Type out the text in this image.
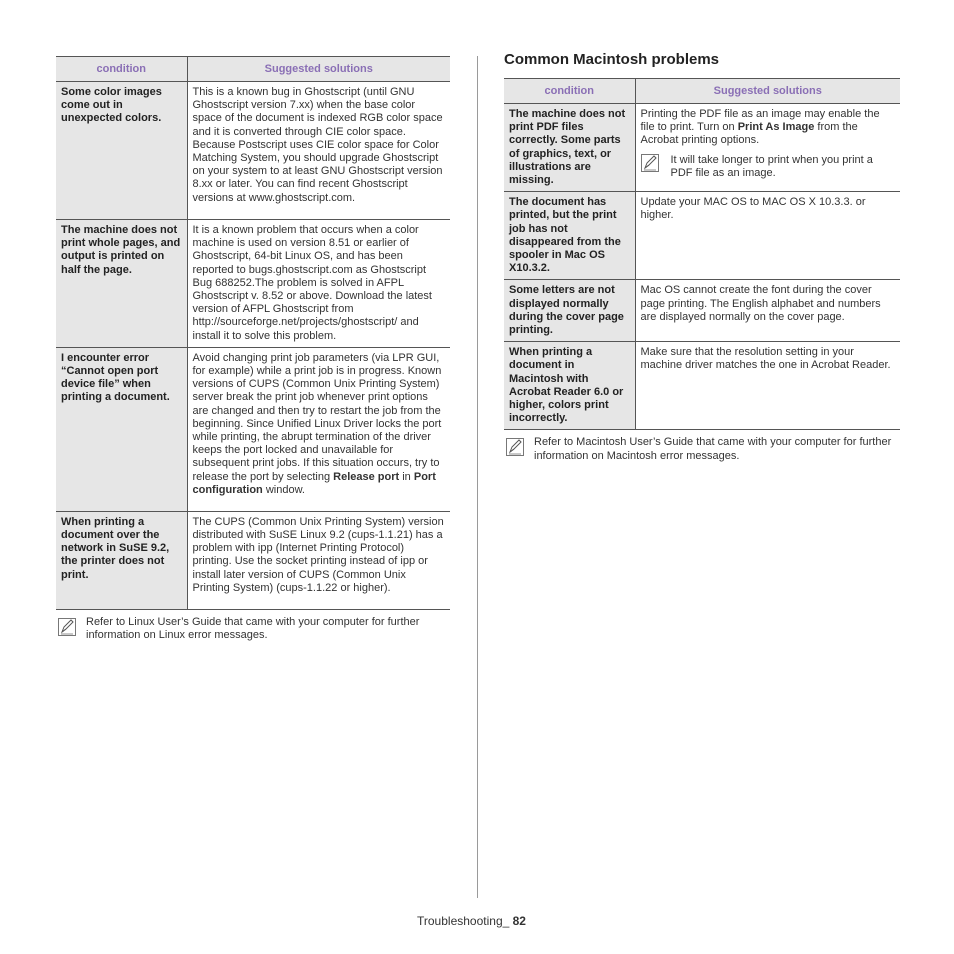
condition	Suggested solutions
Some color images come out in unexpected colors.	This is a known bug in Ghostscript (until GNU Ghostscript version 7.xx) when the base color space of the document is indexed RGB color space and it is converted through CIE color space. Because Postscript uses CIE color space for Color Matching System, you should upgrade Ghostscript on your system to at least GNU Ghostscript version 8.xx or later. You can find recent Ghostscript versions at www.ghostscript.com.
The machine does not print whole pages, and output is printed on half the page.	It is a known problem that occurs when a color machine is used on version 8.51 or earlier of Ghostscript, 64-bit Linux OS, and has been reported to bugs.ghostscript.com as Ghostscript Bug 688252.The problem is solved in AFPL Ghostscript v. 8.52 or above. Download the latest version of AFPL Ghostscript from http://sourceforge.net/projects/ghostscript/ and install it to solve this problem.
I encounter error “Cannot open port device file” when printing a document.	Avoid changing print job parameters (via LPR GUI, for example) while a print job is in progress. Known versions of CUPS (Common Unix Printing System) server break the print job whenever print options are changed and then try to restart the job from the beginning. Since Unified Linux Driver locks the port while printing, the abrupt termination of the driver keeps the port locked and unavailable for subsequent print jobs. If this situation occurs, try to release the port by selecting Release port in Port configuration window.
When printing a document over the network in SuSE 9.2, the printer does not print.	The CUPS (Common Unix Printing System) version distributed with SuSE Linux 9.2 (cups-1.1.21) has a problem with ipp (Internet Printing Protocol) printing. Use the socket printing instead of ipp or install later version of CUPS (Common Unix Printing System) (cups-1.1.22 or higher).
Refer to Linux User’s Guide that came with your computer for further information on Linux error messages.
Common Macintosh problems
condition	Suggested solutions
The machine does not print PDF files correctly. Some parts of graphics, text, or illustrations are missing.	Printing the PDF file as an image may enable the file to print. Turn on Print As Image from the Acrobat printing options.
It will take longer to print when you print a PDF file as an image.

The document has printed, but the print job has not disappeared from the spooler in Mac OS X10.3.2.	Update your MAC OS to MAC OS X 10.3.3. or higher.
Some letters are not displayed normally during the cover page printing.	Mac OS cannot create the font during the cover page printing. The English alphabet and numbers are displayed normally on the cover page.
When printing a document in Macintosh with Acrobat Reader 6.0 or higher, colors print incorrectly.	Make sure that the resolution setting in your machine driver matches the one in Acrobat Reader.
Refer to Macintosh User’s Guide that came with your computer for further information on Macintosh error messages.
Troubleshooting_ 82
